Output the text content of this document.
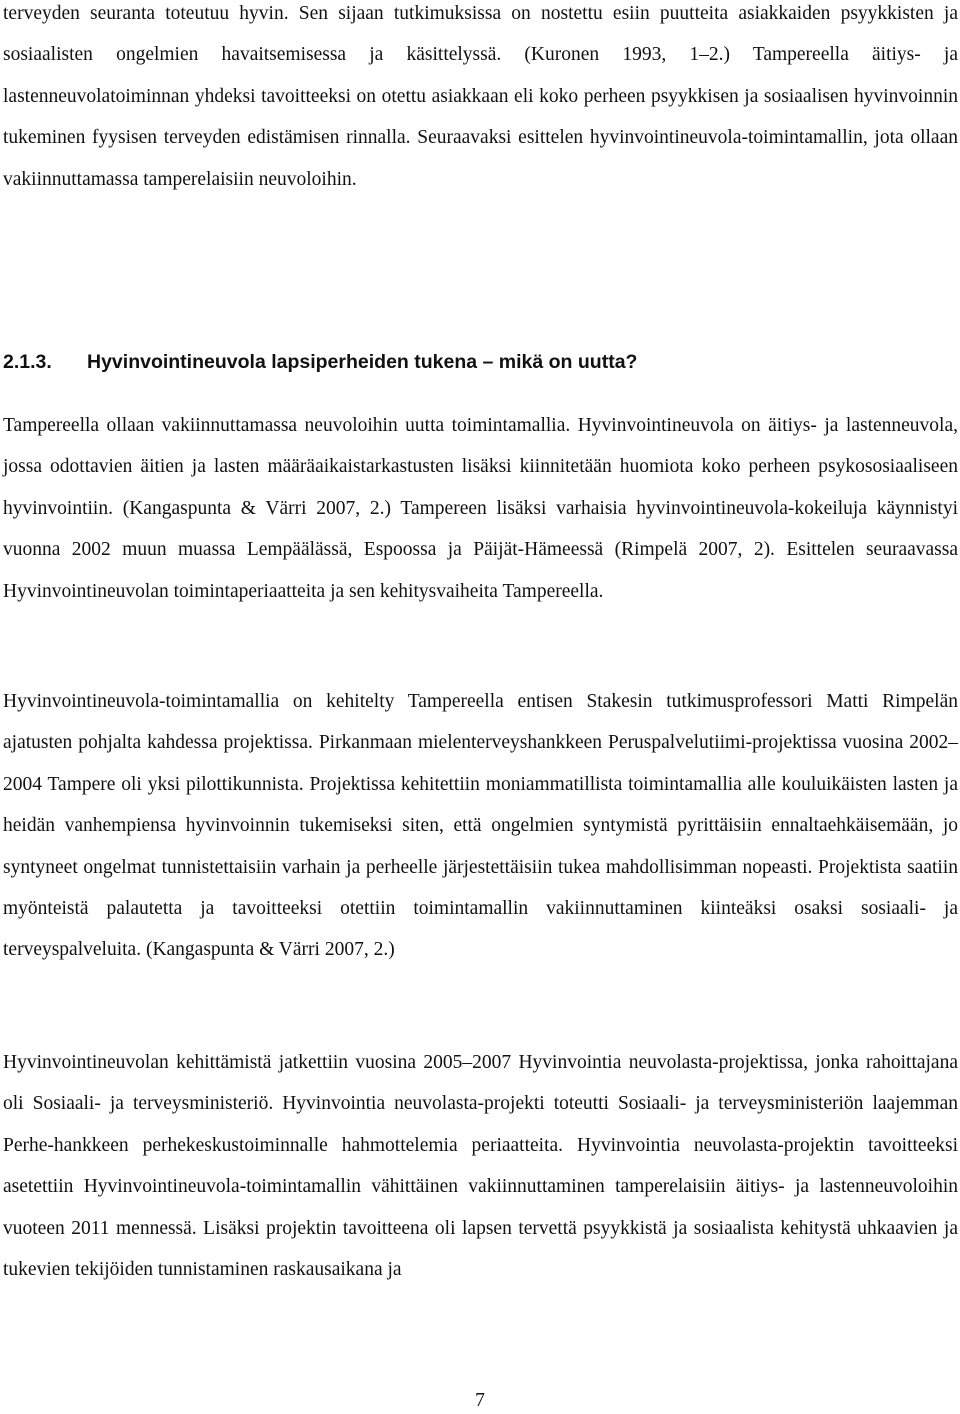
terveyden seuranta toteutuu hyvin. Sen sijaan tutkimuksissa on nostettu esiin puutteita asiakkaiden psyykkisten ja sosiaalisten ongelmien havaitsemisessa ja käsittelyssä. (Kuronen 1993, 1–2.) Tampereella äitiys- ja lastenneuvolatoiminnan yhdeksi tavoitteeksi on otettu asiakkaan eli koko perheen psyykkisen ja sosiaalisen hyvinvoinnin tukeminen fyysisen terveyden edistämisen rinnalla. Seuraavaksi esittelen hyvinvointineuvola-toimintamallin, jota ollaan vakiinnuttamassa tamperelaisiin neuvoloihin.

2.1.3. Hyvinvointineuvola lapsiperheiden tukena – mikä on uutta?

Tampereella ollaan vakiinnuttamassa neuvoloihin uutta toimintamallia. Hyvinvointineuvola on äitiys- ja lastenneuvola, jossa odottavien äitien ja lasten määräaikaistarkastusten lisäksi kiinnitetään huomiota koko perheen psykososiaaliseen hyvinvointiin. (Kangaspunta & Värri 2007, 2.) Tampereen lisäksi varhaisia hyvinvointineuvola-kokeiluja käynnistyi vuonna 2002 muun muassa Lempäälässä, Espoossa ja Päijät-Hämeessä (Rimpelä 2007, 2). Esittelen seuraavassa Hyvinvointineuvolan toimintaperiaatteita ja sen kehitysvaiheita Tampereella.

Hyvinvointineuvola-toimintamallia on kehitelty Tampereella entisen Stakesin tutkimusprofessori Matti Rimpelän ajatusten pohjalta kahdessa projektissa. Pirkanmaan mielenterveyshankkeen Peruspalvelutiimi-projektissa vuosina 2002–2004 Tampere oli yksi pilottikunnista. Projektissa kehitettiin moniammatillista toimintamallia alle kouluikäisten lasten ja heidän vanhempiensa hyvinvoinnin tukemiseksi siten, että ongelmien syntymistä pyrittäisiin ennaltaehkäisemään, jo syntyneet ongelmat tunnistettaisiin varhain ja perheelle järjestettäisiin tukea mahdollisimman nopeasti. Projektista saatiin myönteistä palautetta ja tavoitteeksi otettiin toimintamallin vakiinnuttaminen kiinteäksi osaksi sosiaali- ja terveyspalveluita. (Kangaspunta & Värri 2007, 2.)

Hyvinvointineuvolan kehittämistä jatkettiin vuosina 2005–2007 Hyvinvointia neuvolasta-projektissa, jonka rahoittajana oli Sosiaali- ja terveysministeriö. Hyvinvointia neuvolasta-projekti toteutti Sosiaali- ja terveysministeriön laajemman Perhe-hankkeen perhekeskustoiminnalle hahmottelemia periaatteita. Hyvinvointia neuvolasta-projektin tavoitteeksi asetettiin Hyvinvointineuvola-toimintamallin vähittäinen vakiinnuttaminen tamperelaisiin äitiys- ja lastenneuvoloihin vuoteen 2011 mennessä. Lisäksi projektin tavoitteena oli lapsen tervettä psyykkistä ja sosiaalista kehitystä uhkaavien ja tukevien tekijöiden tunnistaminen raskausaikana ja

7
